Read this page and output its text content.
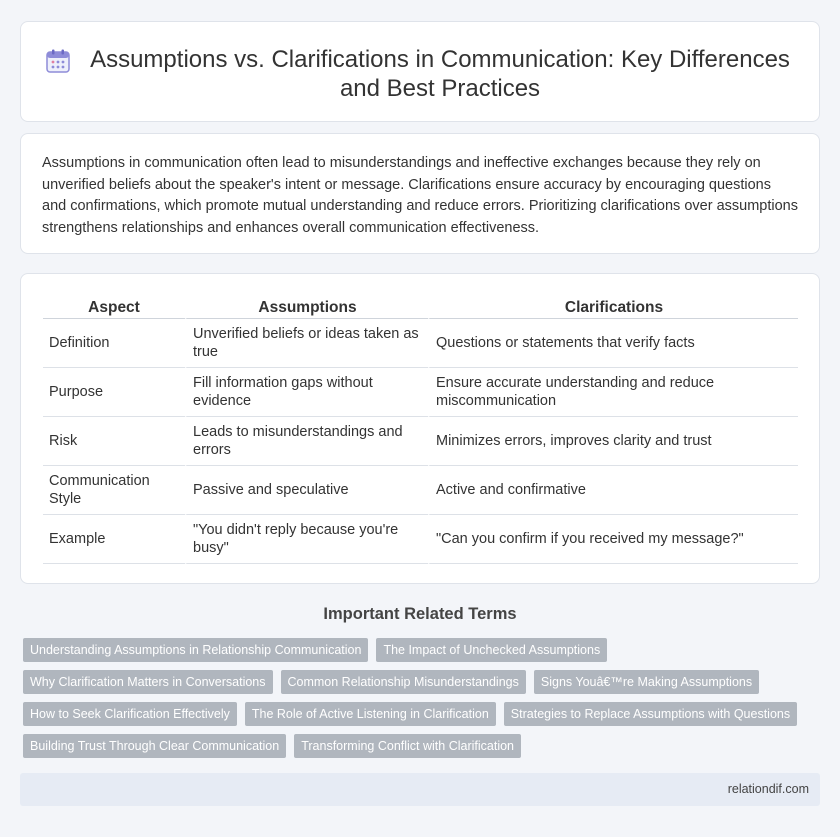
Assumptions vs. Clarifications in Communication: Key Differences and Best Practices

Assumptions in communication often lead to misunderstandings and ineffective exchanges because they rely on unverified beliefs about the speaker's intent or message. Clarifications ensure accuracy by encouraging questions and confirmations, which promote mutual understanding and reduce errors. Prioritizing clarifications over assumptions strengthens relationships and enhances overall communication effectiveness.

Aspect	Assumptions	Clarifications
Definition	Unverified beliefs or ideas taken as true	Questions or statements that verify facts
Purpose	Fill information gaps without evidence	Ensure accurate understanding and reduce miscommunication
Risk	Leads to misunderstandings and errors	Minimizes errors, improves clarity and trust
Communication Style	Passive and speculative	Active and confirmative
Example	"You didn't reply because you're busy"	"Can you confirm if you received my message?"
Important Related Terms
Understanding Assumptions in Relationship Communication	The Impact of Unchecked Assumptions
Why Clarification Matters in Conversations	Common Relationship Misunderstandings	Signs Youâ€™re Making Assumptions
How to Seek Clarification Effectively	The Role of Active Listening in Clarification	Strategies to Replace Assumptions with Questions
Building Trust Through Clear Communication	Transforming Conflict with Clarification
relationdif.com
